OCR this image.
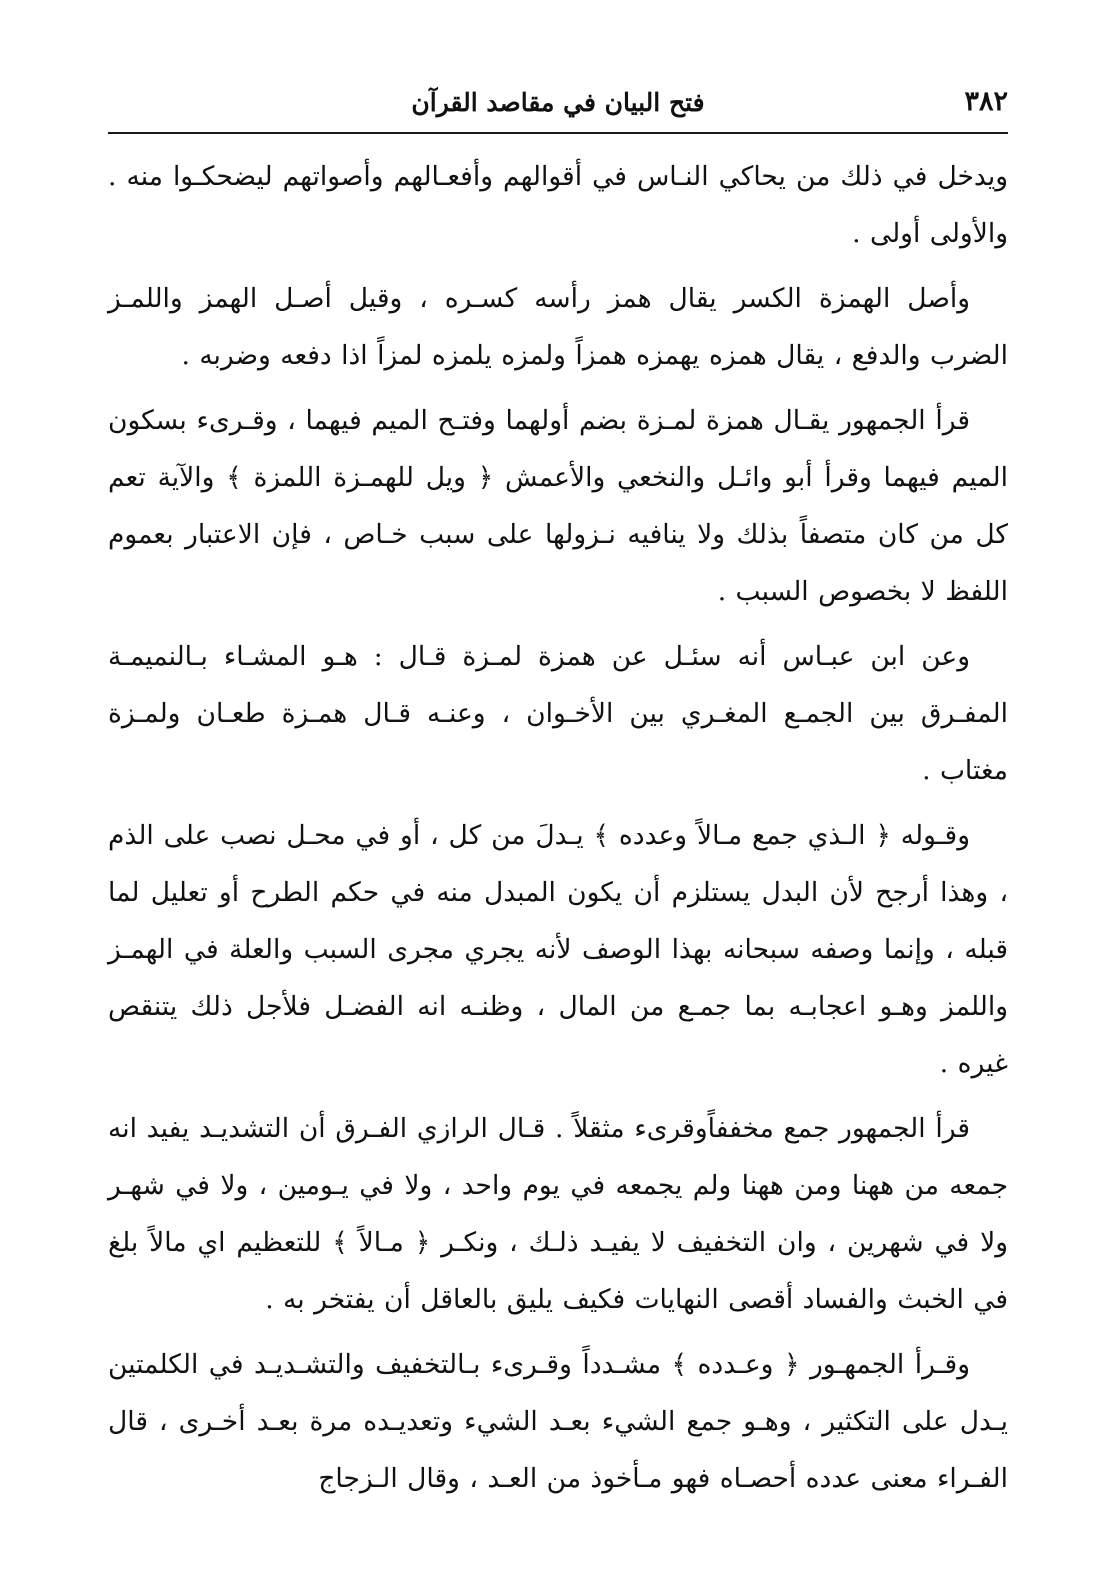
٣٨٢
فتح البيان في مقاصد القرآن

ويدخل في ذلك من يحاكي النـاس في أقوالهم وأفعـالهم وأصواتهم ليضحكـوا منه . والأولى أولى .

وأصل الهمزة الكسر يقال همز رأسه كسـره ، وقيل أصـل الهمز واللمـز الضرب والدفع ، يقال همزه يهمزه همزاً ولمزه يلمزه لمزاً اذا دفعه وضربه .

قرأ الجمهور يقـال همزة لمـزة بضم أولهما وفتـح الميم فيهما ، وقـرىء بسكون الميم فيهما وقرأ أبو وائـل والنخعي والأعمش ﴿ ويل للهمـزة اللمزة ﴾ والآية تعم كل من كان متصفاً بذلك ولا ينافيه نـزولها على سبب خـاص ، فإن الاعتبار بعموم اللفظ لا بخصوص السبب .

وعن ابن عبـاس أنه سئـل عن همزة لمـزة قـال : هـو المشـاء بـالنميمـة المفـرق بين الجمـع المغـري بين الأخـوان ، وعنـه قـال همـزة طعـان ولمـزة مغتاب .

وقـوله ﴿ الـذي جمع مـالاً وعدده ﴾ يـدلَ من كل ، أو في محـل نصب على الذم ، وهذا أرجح لأن البدل يستلزم أن يكون المبدل منه في حكم الطرح أو تعليل لما قبله ، وإنما وصفه سبحانه بهذا الوصف لأنه يجري مجرى السبب والعلة في الهمـز واللمز وهـو اعجابـه بما جمـع من المال ، وظنـه انه الفضـل فلأجل ذلك يتنقص غيره .

قرأ الجمهور جمع مخففاًوقرىء مثقلاً . قـال الرازي الفـرق أن التشديـد يفيد انه جمعه من ههنا ومن ههنا ولم يجمعه في يوم واحد ، ولا في يـومين ، ولا في شهـر ولا في شهرين ، وان التخفيف لا يفيـد ذلـك ، ونكـر ﴿ مـالاً ﴾ للتعظيم اي مالاً بلغ في الخبث والفساد أقصى النهايات فكيف يليق بالعاقل أن يفتخر به .

وقـرأ الجمهـور ﴿ وعـدده ﴾ مشـدداً وقـرىء بـالتخفيف والتشـديـد في الكلمتين يـدل على التكثير ، وهـو جمع الشيء بعـد الشيء وتعديـده مرة بعـد أخـرى ، قال الفـراء معنى عدده أحصـاه فهو مـأخوذ من العـد ، وقال الـزجاج
